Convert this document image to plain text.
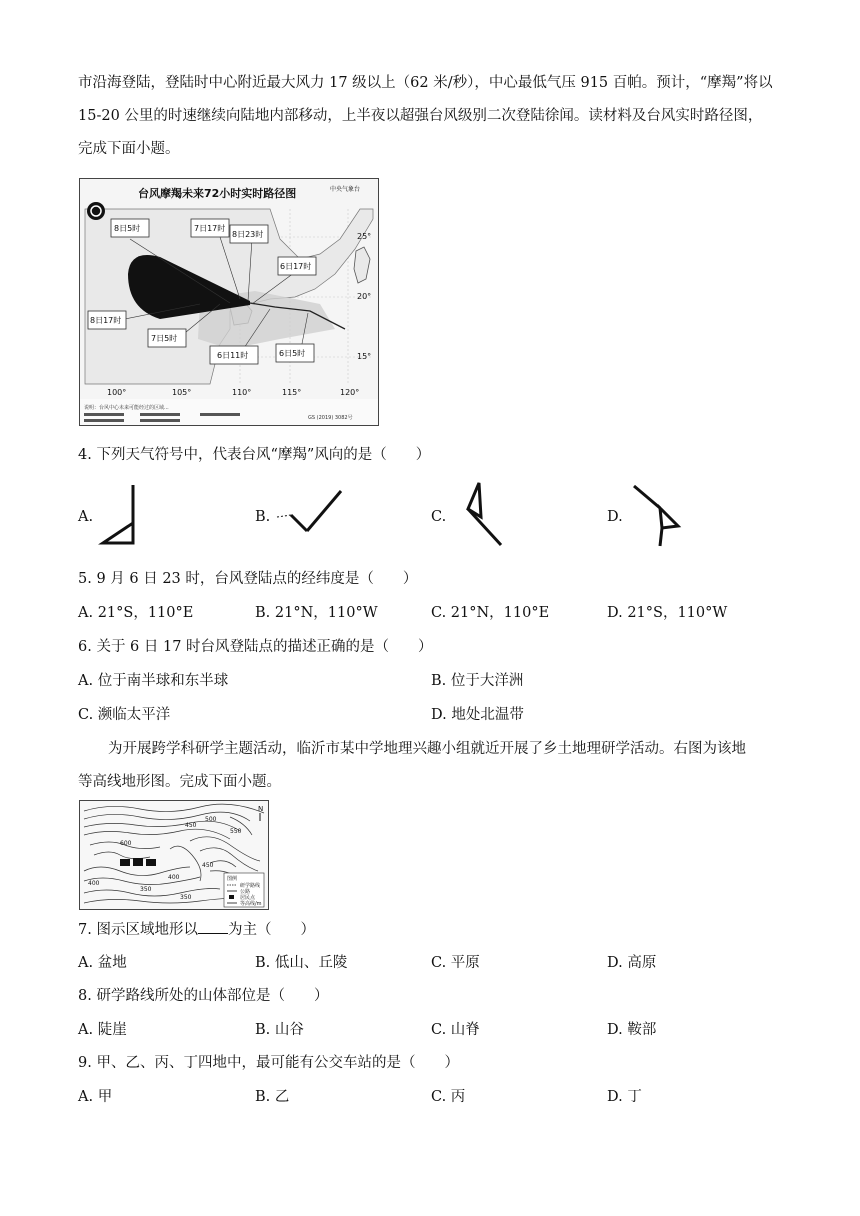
市沿海登陆，登陆时中心附近最大风力 17 级以上（62 米/秒），中心最低气压 915 百帕。预计，“摩羯”将以
15-20 公里的时速继续向陆地内部移动，上半夜以超强台风级别二次登陆徐闻。读材料及台风实时路径图，
完成下面小题。
8日5时	7日17时
8日23时
6日17时
8日17时
7日5时
6日11时	6日5时
台风摩羯未来72小时实时路径图	中央气象台
25°
20°
15°
100°	105°	110°	115°	120°
说明：台风中心未来可能经过的区域...
GS (2019) 3082号
4. 下列天气符号中，代表台风“摩羯”风向的是（　　）
A.	B.	C.	D.
5. 9 月 6 日 23 时，台风登陆点的经纬度是（　　）
A. 21°S，110°E	B. 21°N，110°W	C. 21°N，110°E	D. 21°S，110°W
6. 关于 6 日 17 时台风登陆点的描述正确的是（　　）
A. 位于南半球和东半球	B. 位于大洋洲
C. 濒临太平洋	D. 地处北温带
为开展跨学科研学主题活动，临沂市某中学地理兴趣小组就近开展了乡土地理研学活动。右图为该地
等高线地形图。完成下面小题。
N
450
500
550
600
400
350
450
400
350
图例
研学路线
公路
居民点
等高线/m
7. 图示区域地形以 为主（　　）
A. 盆地	B. 低山、丘陵	C. 平原	D. 高原
8. 研学路线所处的山体部位是（　　）
A. 陡崖	B. 山谷	C. 山脊	D. 鞍部
9. 甲、乙、丙、丁四地中，最可能有公交车站的是（　　）
A. 甲	B. 乙	C. 丙	D. 丁
